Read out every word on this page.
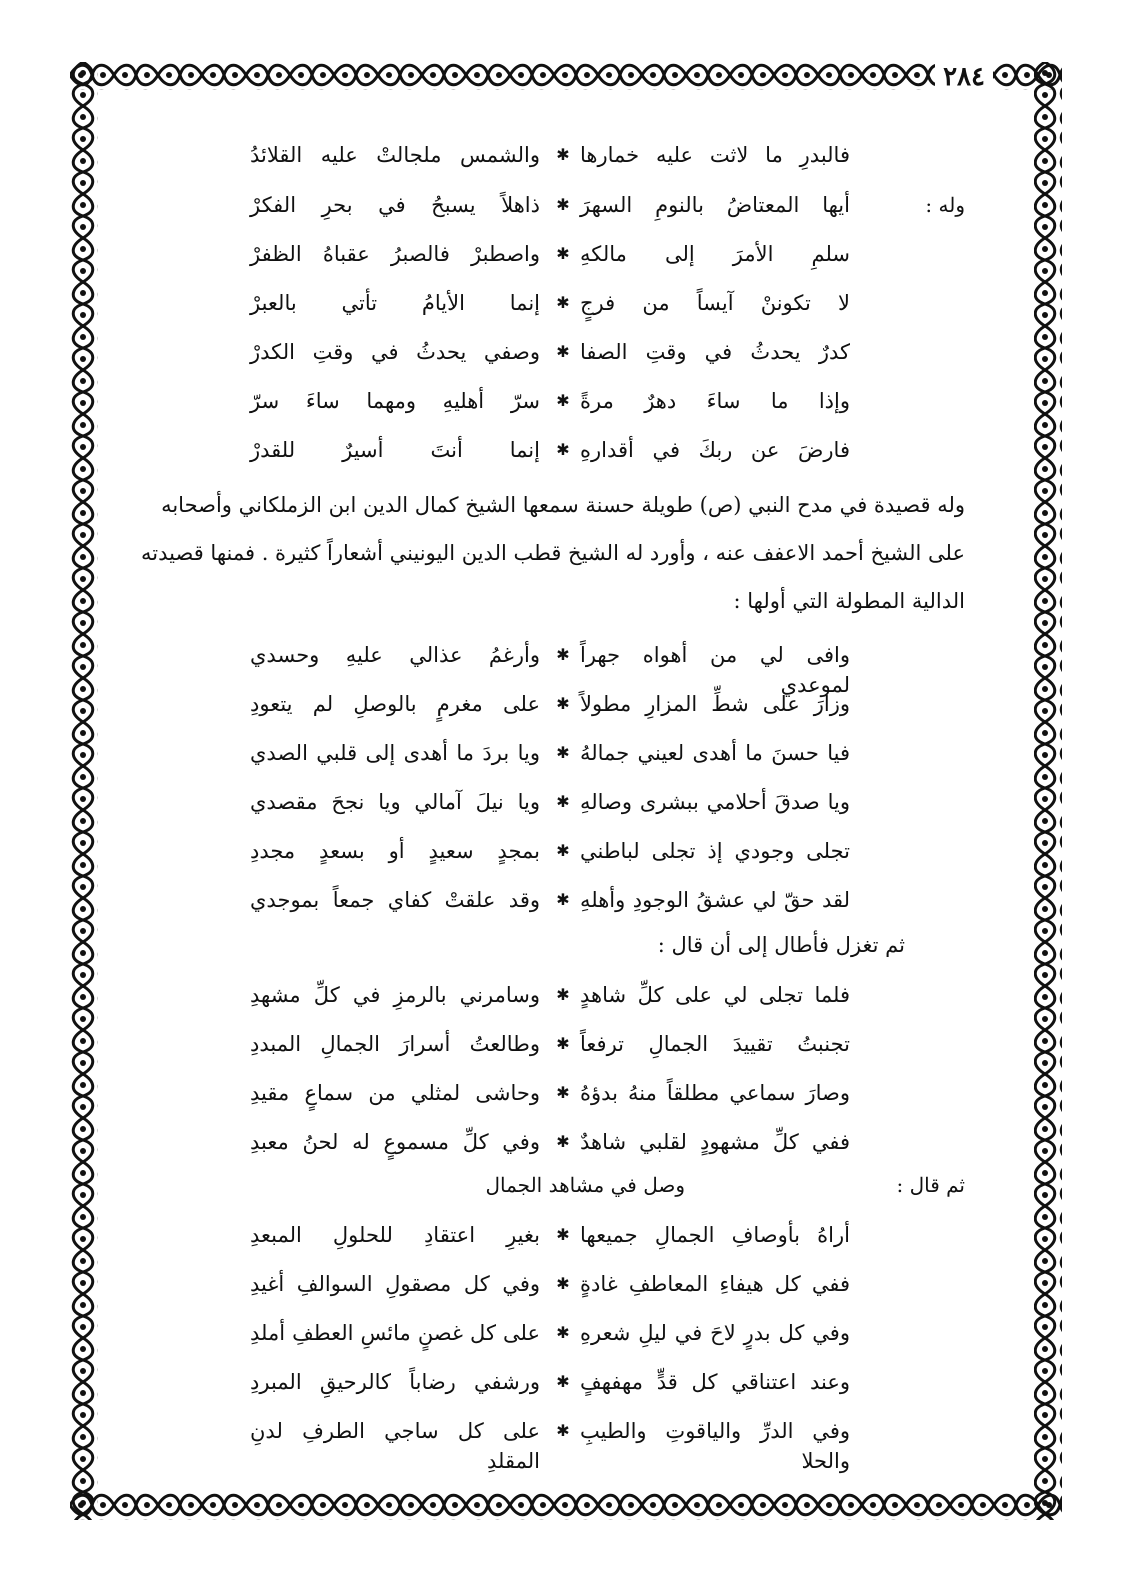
٢٨٤
فالبدرِ ما لاثت عليه خمارها
✱
والشمس ملجالتْ عليه القلائدُ
وله :
أيها المعتاضُ بالنومِ السهرَ
✱
ذاهلاً يسبحُ في بحرِ الفكرْ
سلمِ الأمرَ إلى مالكهِ
✱
واصطبرْ فالصبرُ عقباهُ الظفرْ
لا تكوننْ آيساً من فرجٍ
✱
إنما الأيامُ تأتي بالعبرْ
كدرٌ يحدثُ في وقتِ الصفا
✱
وصفي يحدثُ في وقتِ الكدرْ
وإذا ما ساءَ دهرٌ مرةً
✱
سرّ أهليهِ ومهما ساءَ سرّ
فارضَ عن ربكَ في أقدارهِ
✱
إنما أنتَ أسيرٌ للقدرْ
وله قصيدة في مدح النبي (ص) طويلة حسنة سمعها الشيخ كمال الدين ابن الزملكاني وأصحابه
على الشيخ أحمد الاعفف عنه ، وأورد له الشيخ قطب الدين اليونيني أشعاراً كثيرة . فمنها قصيدته
الدالية المطولة التي أولها :
وافى لي من أهواه جهراً لموعدي
✱
وأرغمُ عذالي عليهِ وحسدي
وزارَ على شطِّ المزارِ مطولاً
✱
على مغرمٍ بالوصلِ لم يتعودِ
فيا حسنَ ما أهدى لعيني جمالهُ
✱
ويا بردَ ما أهدى إلى قلبي الصدي
ويا صدقَ أحلامي ببشرى وصالهِ
✱
ويا نيلَ آمالي ويا نجحَ مقصدي
تجلى وجودي إذ تجلى لباطني
✱
بمجدٍ سعيدٍ أو بسعدٍ مجددِ
لقد حقّ لي عشقُ الوجودِ وأهلهِ
✱
وقد علقتْ كفاي جمعاً بموجدي
ثم تغزل فأطال إلى أن قال :
فلما تجلى لي على كلِّ شاهدٍ
✱
وسامرني بالرمزِ في كلِّ مشهدِ
تجنبتُ تقييدَ الجمالِ ترفعاً
✱
وطالعتُ أسرارَ الجمالِ المبددِ
وصارَ سماعي مطلقاً منهُ بدؤهُ
✱
وحاشى لمثلي من سماعٍ مقيدِ
ففي كلِّ مشهودٍ لقلبي شاهدٌ
✱
وفي كلِّ مسموعٍ له لحنُ معبدِ
ثم قال :
وصل في مشاهد الجمال
أراهُ بأوصافِ الجمالِ جميعها
✱
بغيرِ اعتقادِ للحلولِ المبعدِ
ففي كل هيفاءِ المعاطفِ غادةٍ
✱
وفي كل مصقولِ السوالفِ أغيدِ
وفي كل بدرٍ لاحَ في ليلِ شعرهِ
✱
على كل غصنٍ مائسِ العطفِ أملدِ
وعند اعتناقي كل قدٍّ مهفهفٍ
✱
ورشفي رضاباً كالرحيقِ المبردِ
وفي الدرِّ والياقوتِ والطيبِ والحلا
✱
على كل ساجي الطرفِ لدنِ المقلدِ
